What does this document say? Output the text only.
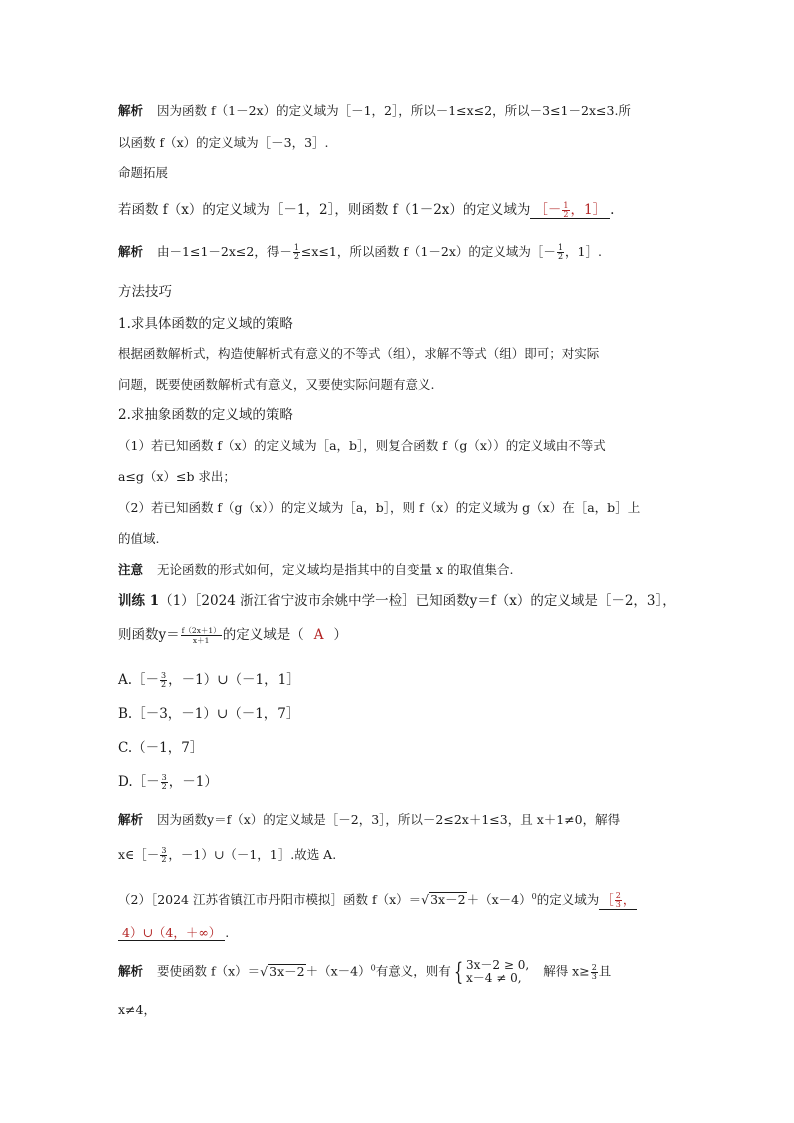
解析 因为函数 f（1－2x）的定义域为［－1，2］，所以－1≤x≤2，所以－3≤1－2x≤3.所
以函数 f（x）的定义域为［－3，3］.
命题拓展
若函数 f（x）的定义域为［－1，2］，则函数 f（1－2x）的定义域为 ［－ $\frac{1}{2}$ ，1］ .
解析 由－1≤1－2x≤2，得－ $\frac{1}{2} \le x\le 1$，所以函数 f（1－2x）的定义域为［－ $\frac{1}{2}$ ，1］.
方法技巧
1.求具体函数的定义域的策略
根据函数解析式，构造使解析式有意义的不等式（组），求解不等式（组）即可；对实际
问题，既要使函数解析式有意义，又要使实际问题有意义.
2.求抽象函数的定义域的策略
（1）若已知函数 f（x）的定义域为［a，b］，则复合函数 f（g（x））的定义域由不等式
a≤g（x）≤b 求出；
（2）若已知函数 f（g（x））的定义域为［a，b］，则 f（x）的定义域为 g（x）在［a，b］上
的值域.
注意 无论函数的形式如何，定义域均是指其中的自变量 x 的取值集合.
训练 1（1）［2024 浙江省宁波市余姚中学一检］已知函数y＝f（x）的定义域是［－2，3］，
则函数$y= \frac{f(2x+1)}{x+1}$ 的定义域是（ A ）
A.［－ $\frac{3}{2}$ ，－1）∪（－1，1］
B.［－3，－1）∪（－1，7］
C.（－1，7］
D.［－ $\frac{3}{2}$ ，－1）
解析 因为函数y＝f（x）的定义域是［－2，3］，所以－2≤2x＋1≤3，且 x＋1≠0，解得
x∈［－ $\frac{3}{2}$ ，－1）∪（－1，1］.故选 A.
（2）［2024 江苏省镇江市丹阳市模拟］函数 $f(x)=√3x-2+(x-4)^0$的定义域为 ［ $\frac{2}{3}$ ，
4）∪（4，＋∞） .
解析 要使函数 $f(x)=√3x-2+(x-4)^0$有意义，则有 { 3x－2 ≥ 0,
x－4 ≠ 0,	解得 $x\ge \frac{2}{3}$ 且
x≠4，
